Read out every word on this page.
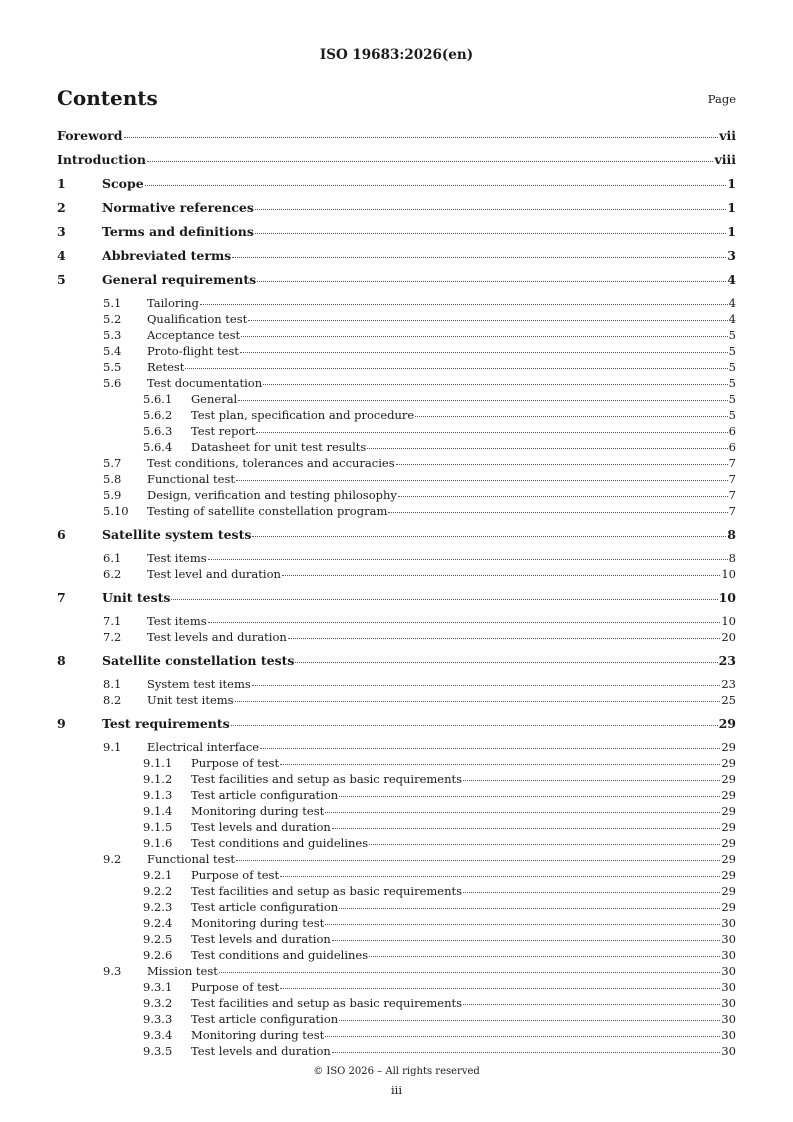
ISO 19683:2026(en)
Contents	Page
Foreword	vii
Introduction	viii
1	Scope	1
2	Normative references	1
3	Terms and definitions	1
4	Abbreviated terms	3
5	General requirements	4
5.1	Tailoring	4
5.2	Qualification test	4
5.3	Acceptance test	5
5.4	Proto-flight test	5
5.5	Retest	5
5.6	Test documentation	5
5.6.1	General	5
5.6.2	Test plan, specification and procedure	5
5.6.3	Test report	6
5.6.4	Datasheet for unit test results	6
5.7	Test conditions, tolerances and accuracies	7
5.8	Functional test	7
5.9	Design, verification and testing philosophy	7
5.10	Testing of satellite constellation program	7
6	Satellite system tests	8
6.1	Test items	8
6.2	Test level and duration	10
7	Unit tests	10
7.1	Test items	10
7.2	Test levels and duration	20
8	Satellite constellation tests	23
8.1	System test items	23
8.2	Unit test items	25
9	Test requirements	29
9.1	Electrical interface	29
9.1.1	Purpose of test	29
9.1.2	Test facilities and setup as basic requirements	29
9.1.3	Test article configuration	29
9.1.4	Monitoring during test	29
9.1.5	Test levels and duration	29
9.1.6	Test conditions and guidelines	29
9.2	Functional test	29
9.2.1	Purpose of test	29
9.2.2	Test facilities and setup as basic requirements	29
9.2.3	Test article configuration	29
9.2.4	Monitoring during test	30
9.2.5	Test levels and duration	30
9.2.6	Test conditions and guidelines	30
9.3	Mission test	30
9.3.1	Purpose of test	30
9.3.2	Test facilities and setup as basic requirements	30
9.3.3	Test article configuration	30
9.3.4	Monitoring during test	30
9.3.5	Test levels and duration	30
© ISO 2026 – All rights reserved
iii
